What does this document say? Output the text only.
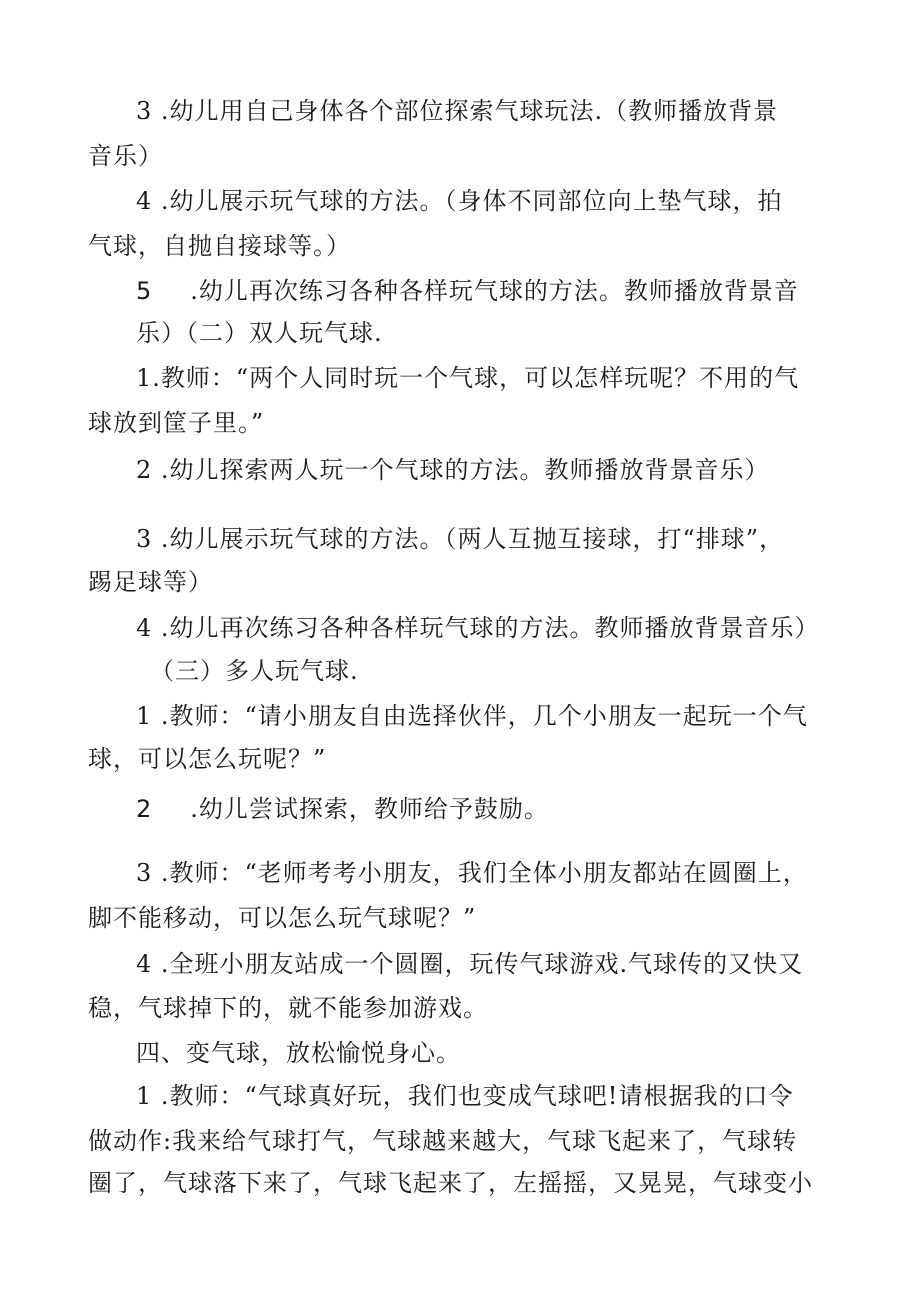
3 .幼儿用自己身体各个部位探索气球玩法.（教师播放背景
音乐）
4 .幼儿展示玩气球的方法。（身体不同部位向上垫气球，拍
气球，自抛自接球等。）
5 .幼儿再次练习各种各样玩气球的方法。教师播放背景音
乐）（二）双人玩气球.
1.教师：“两个人同时玩一个气球，可以怎样玩呢？不用的气
球放到筐子里。”
2 .幼儿探索两人玩一个气球的方法。教师播放背景音乐）
3 .幼儿展示玩气球的方法。（两人互抛互接球，打“排球”，
踢足球等）
4 .幼儿再次练习各种各样玩气球的方法。教师播放背景音乐）
（三）多人玩气球.
1 .教师：“请小朋友自由选择伙伴，几个小朋友一起玩一个气
球，可以怎么玩呢？”
2 .幼儿尝试探索，教师给予鼓励。
3 .教师：“老师考考小朋友，我们全体小朋友都站在圆圈上，
脚不能移动，可以怎么玩气球呢？”
4 .全班小朋友站成一个圆圈，玩传气球游戏.气球传的又快又
稳，气球掉下的，就不能参加游戏。
四、变气球，放松愉悦身心。
1 .教师：“气球真好玩，我们也变成气球吧!请根据我的口令
做动作:我来给气球打气，气球越来越大，气球飞起来了，气球转
圈了，气球落下来了，气球飞起来了，左摇摇，又晃晃，气球变小
